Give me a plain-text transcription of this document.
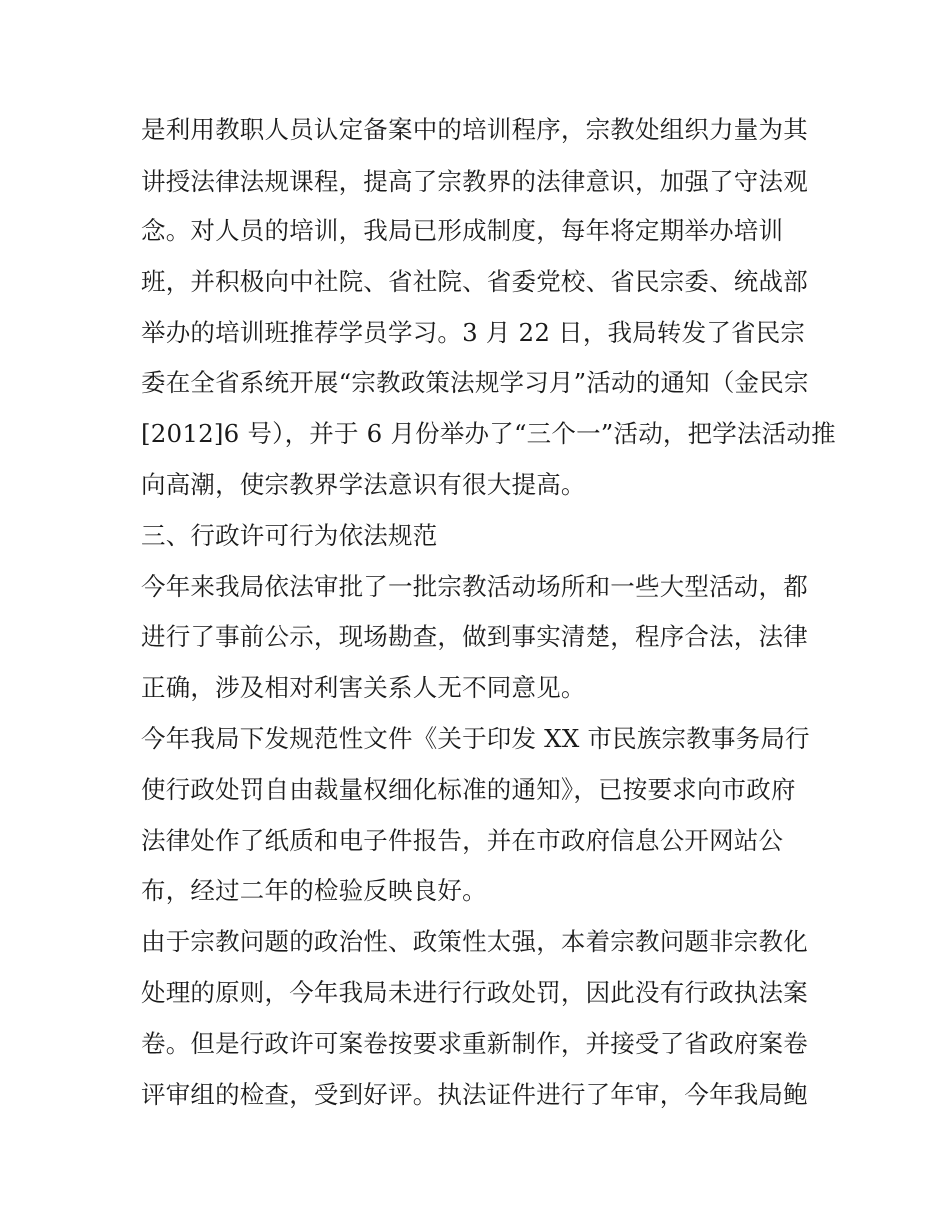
是利用教职人员认定备案中的培训程序，宗教处组织力量为其
讲授法律法规课程，提高了宗教界的法律意识，加强了守法观
念。对人员的培训，我局已形成制度，每年将定期举办培训
班，并积极向中社院、省社院、省委党校、省民宗委、统战部
举办的培训班推荐学员学习。3 月 22 日，我局转发了省民宗
委在全省系统开展“宗教政策法规学习月”活动的通知（金民宗
[2012]6 号），并于 6 月份举办了“三个一”活动，把学法活动推
向高潮，使宗教界学法意识有很大提高。
三、行政许可行为依法规范
今年来我局依法审批了一批宗教活动场所和一些大型活动，都
进行了事前公示，现场勘查，做到事实清楚，程序合法，法律
正确，涉及相对利害关系人无不同意见。
今年我局下发规范性文件《关于印发 XX 市民族宗教事务局行
使行政处罚自由裁量权细化标准的通知》，已按要求向市政府
法律处作了纸质和电子件报告，并在市政府信息公开网站公
布，经过二年的检验反映良好。
由于宗教问题的政治性、政策性太强，本着宗教问题非宗教化
处理的原则，今年我局未进行行政处罚，因此没有行政执法案
卷。但是行政许可案卷按要求重新制作，并接受了省政府案卷
评审组的检查，受到好评。执法证件进行了年审，今年我局鲍
